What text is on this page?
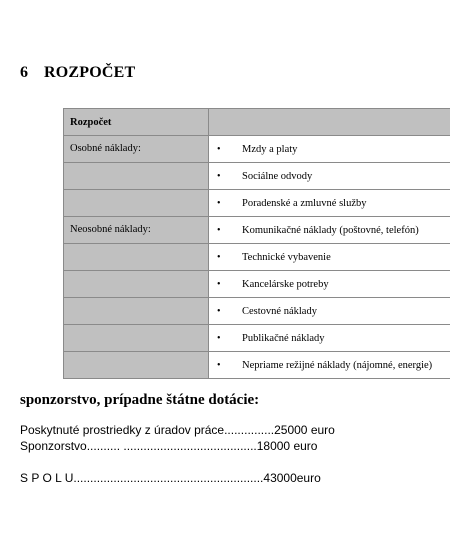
6 ROZPOČET
Rozpočet	
Osobné náklady:	• Mzdy a platy

	• Sociálne odvody

	• Poradenské a zmluvné služby

Neosobné náklady:	• Komunikačné náklady (poštovné, telefón)

	• Technické vybavenie

	• Kancelárske potreby

	• Cestovné náklady

	• Publikačné náklady

	• Nepriame režijné náklady (nájomné, energie)
sponzorstvo, prípadne štátne dotácie:
Poskytnuté prostriedky z úradov práce...............25000 euro
Sponzorstvo.......... ........................................18000 euro
S P O L U.........................................................43000euro
